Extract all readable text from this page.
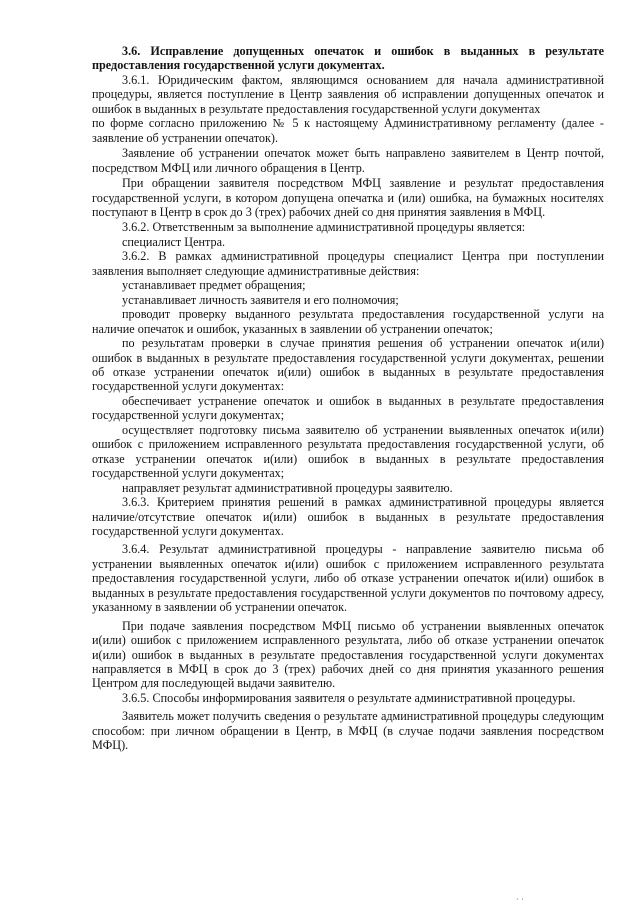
3.6. Исправление допущенных опечаток и ошибок в выданных в результате предоставления государственной услуги документах.

3.6.1. Юридическим фактом, являющимся основанием для начала административной процедуры, является поступление в Центр заявления об исправлении допущенных опечаток и ошибок в выданных в результате предоставления государственной услуги документах

по форме согласно приложению № 5 к настоящему Административному регламенту (далее - заявление об устранении опечаток).

Заявление об устранении опечаток может быть направлено заявителем в Центр почтой, посредством МФЦ или личного обращения в Центр.

При обращении заявителя посредством МФЦ заявление и результат предоставления государственной услуги, в котором допущена опечатка и (или) ошибка, на бумажных носителях поступают в Центр в срок до 3 (трех) рабочих дней со дня принятия заявления в МФЦ.

3.6.2. Ответственным за выполнение административной процедуры является:

специалист Центра.

3.6.2. В рамках административной процедуры специалист Центра при поступлении заявления выполняет следующие административные действия:

устанавливает предмет обращения;

устанавливает личность заявителя и его полномочия;

проводит проверку выданного результата предоставления государственной услуги на наличие опечаток и ошибок, указанных в заявлении об устранении опечаток;

по результатам проверки в случае принятия решения об устранении опечаток и(или) ошибок в выданных в результате предоставления государственной услуги документах, решении об отказе устранении опечаток и(или) ошибок в выданных в результате предоставления государственной услуги документах:

обеспечивает устранение опечаток и ошибок в выданных в результате предоставления государственной услуги документах;

осуществляет подготовку письма заявителю об устранении выявленных опечаток и(или) ошибок с приложением исправленного результата предоставления государственной услуги, об отказе устранении опечаток и(или) ошибок в выданных в результате предоставления государственной услуги документах;

направляет результат административной процедуры заявителю.

3.6.3. Критерием принятия решений в рамках административной процедуры является наличие/отсутствие опечаток и(или) ошибок в выданных в результате предоставления государственной услуги документах.

3.6.4. Результат административной процедуры - направление заявителю письма об устранении выявленных опечаток и(или) ошибок с приложением исправленного результата предоставления государственной услуги, либо об отказе устранении опечаток и(или) ошибок в выданных в результате предоставления государственной услуги документов по почтовому адресу, указанному в заявлении об устранении опечаток.

При подаче заявления посредством МФЦ письмо об устранении выявленных опечаток и(или) ошибок с приложением исправленного результата, либо об отказе устранении опечаток и(или) ошибок в выданных в результате предоставления государственной услуги документах направляется в МФЦ в срок до 3 (трех) рабочих дней со дня принятия указанного решения Центром для последующей выдачи заявителю.

3.6.5. Способы информирования заявителя о результате административной процедуры.

Заявитель может получить сведения о результате административной процедуры следующим способом: при личном обращении в Центр, в МФЦ (в случае подачи заявления посредством МФЦ).

· ·
